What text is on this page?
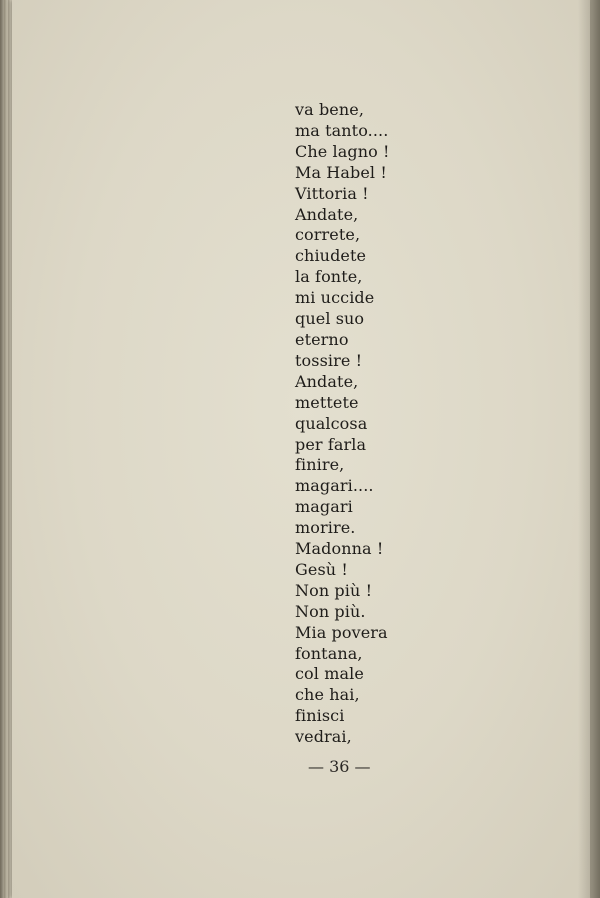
va bene,
ma tanto....
Che lagno !
Ma Habel !
Vittoria !
Andate,
correte,
chiudete
la fonte,
mi uccide
quel suo
eterno
tossire !
Andate,
mettete
qualcosa
per farla
finire,
magari....
magari
morire.
Madonna !
Gesù !
Non più !
Non più.
Mia povera
fontana,
col male
che hai,
finisci
vedrai,
— 36 —
